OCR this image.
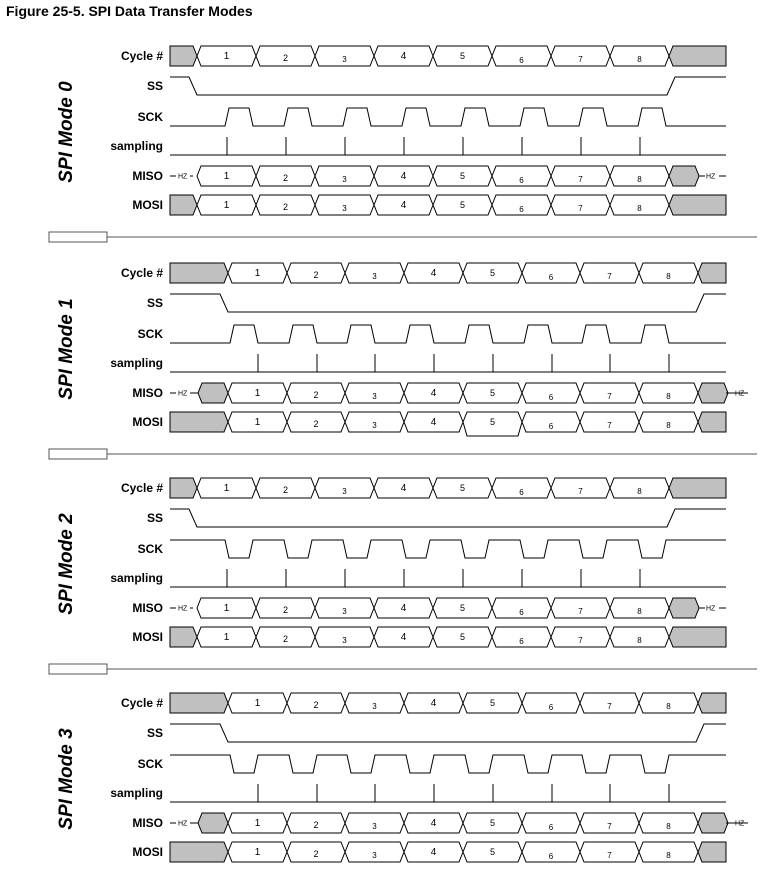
Figure 25-5. SPI Data Transfer Modes
SPI Mode 0
Cycle #
SS
SCK
sampling
MISO
MOSI
1	2	3	4	5	6	7	8
HZ	1	2	3	4	5	6	7	8	HZ
1	2	3	4	5	6	7	8
SPI Mode 1
Cycle #
SS
SCK
sampling
MISO
MOSI
1	2	3	4	5	6	7	8
HZ	1	2	3	4	5	6	7	8	HZ
1	2	3	4	5	6	7	8
SPI Mode 2
Cycle #
SS
SCK
sampling
MISO
MOSI
1	2	3	4	5	6	7	8
HZ	1	2	3	4	5	6	7	8	HZ
1	2	3	4	5	6	7	8
SPI Mode 3
Cycle #
SS
SCK
sampling
MISO
MOSI
1	2	3	4	5	6	7	8
HZ	1	2	3	4	5	6	7	8	HZ
1	2	3	4	5	6	7	8
